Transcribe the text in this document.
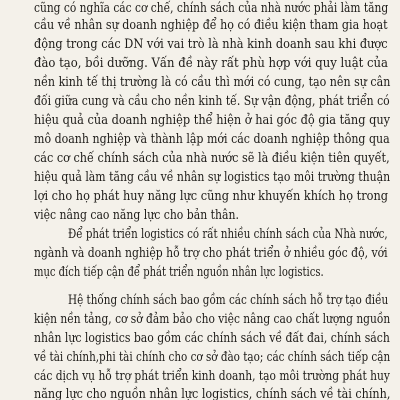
cũng có nghĩa các cơ chế, chính sách của nhà nước phải làm tăng
cầu về nhân sự doanh nghiệp để họ có điều kiện tham gia hoạt
động trong các DN với vai trò là nhà kinh doanh sau khi được
đào tạo, bồi dưỡng. Vấn đề này rất phù hợp với quy luật của
nền kinh tế thị trường là có cầu thì mới có cung, tạo nên sự cân
đối giữa cung và cầu cho nền kinh tế. Sự vận động, phát triển có
hiệu quả của doanh nghiệp thể hiện ở hai góc độ gia tăng quy
mô doanh nghiệp và thành lập mới các doanh nghiệp thông qua
các cơ chế chính sách của nhà nước sẽ là điều kiện tiên quyết,
hiệu quả làm tăng cầu về nhân sự logistics tạo môi trường thuận
lợi cho họ phát huy năng lực cũng như khuyến khích họ trong
việc nâng cao năng lực cho bản thân.
Để phát triển logistics có rất nhiều chính sách của Nhà nước,
ngành và doanh nghiệp hỗ trợ cho phát triển ở nhiều góc độ, với
mục đích tiếp cận để phát triển nguồn nhân lực logistics.
Hệ thống chính sách bao gồm các chính sách hỗ trợ tạo điều
kiện nền tảng, cơ sở đảm bảo cho việc nâng cao chất lượng nguồn
nhân lực logistics bao gồm các chính sách về đất đai, chính sách
về tài chính,phi tài chính cho cơ sở đào tạo; các chính sách tiếp cận
các dịch vụ hỗ trợ phát triển kinh doanh, tạo môi trường phát huy
năng lực cho nguồn nhân lực logistics, chính sách về tài chính,
